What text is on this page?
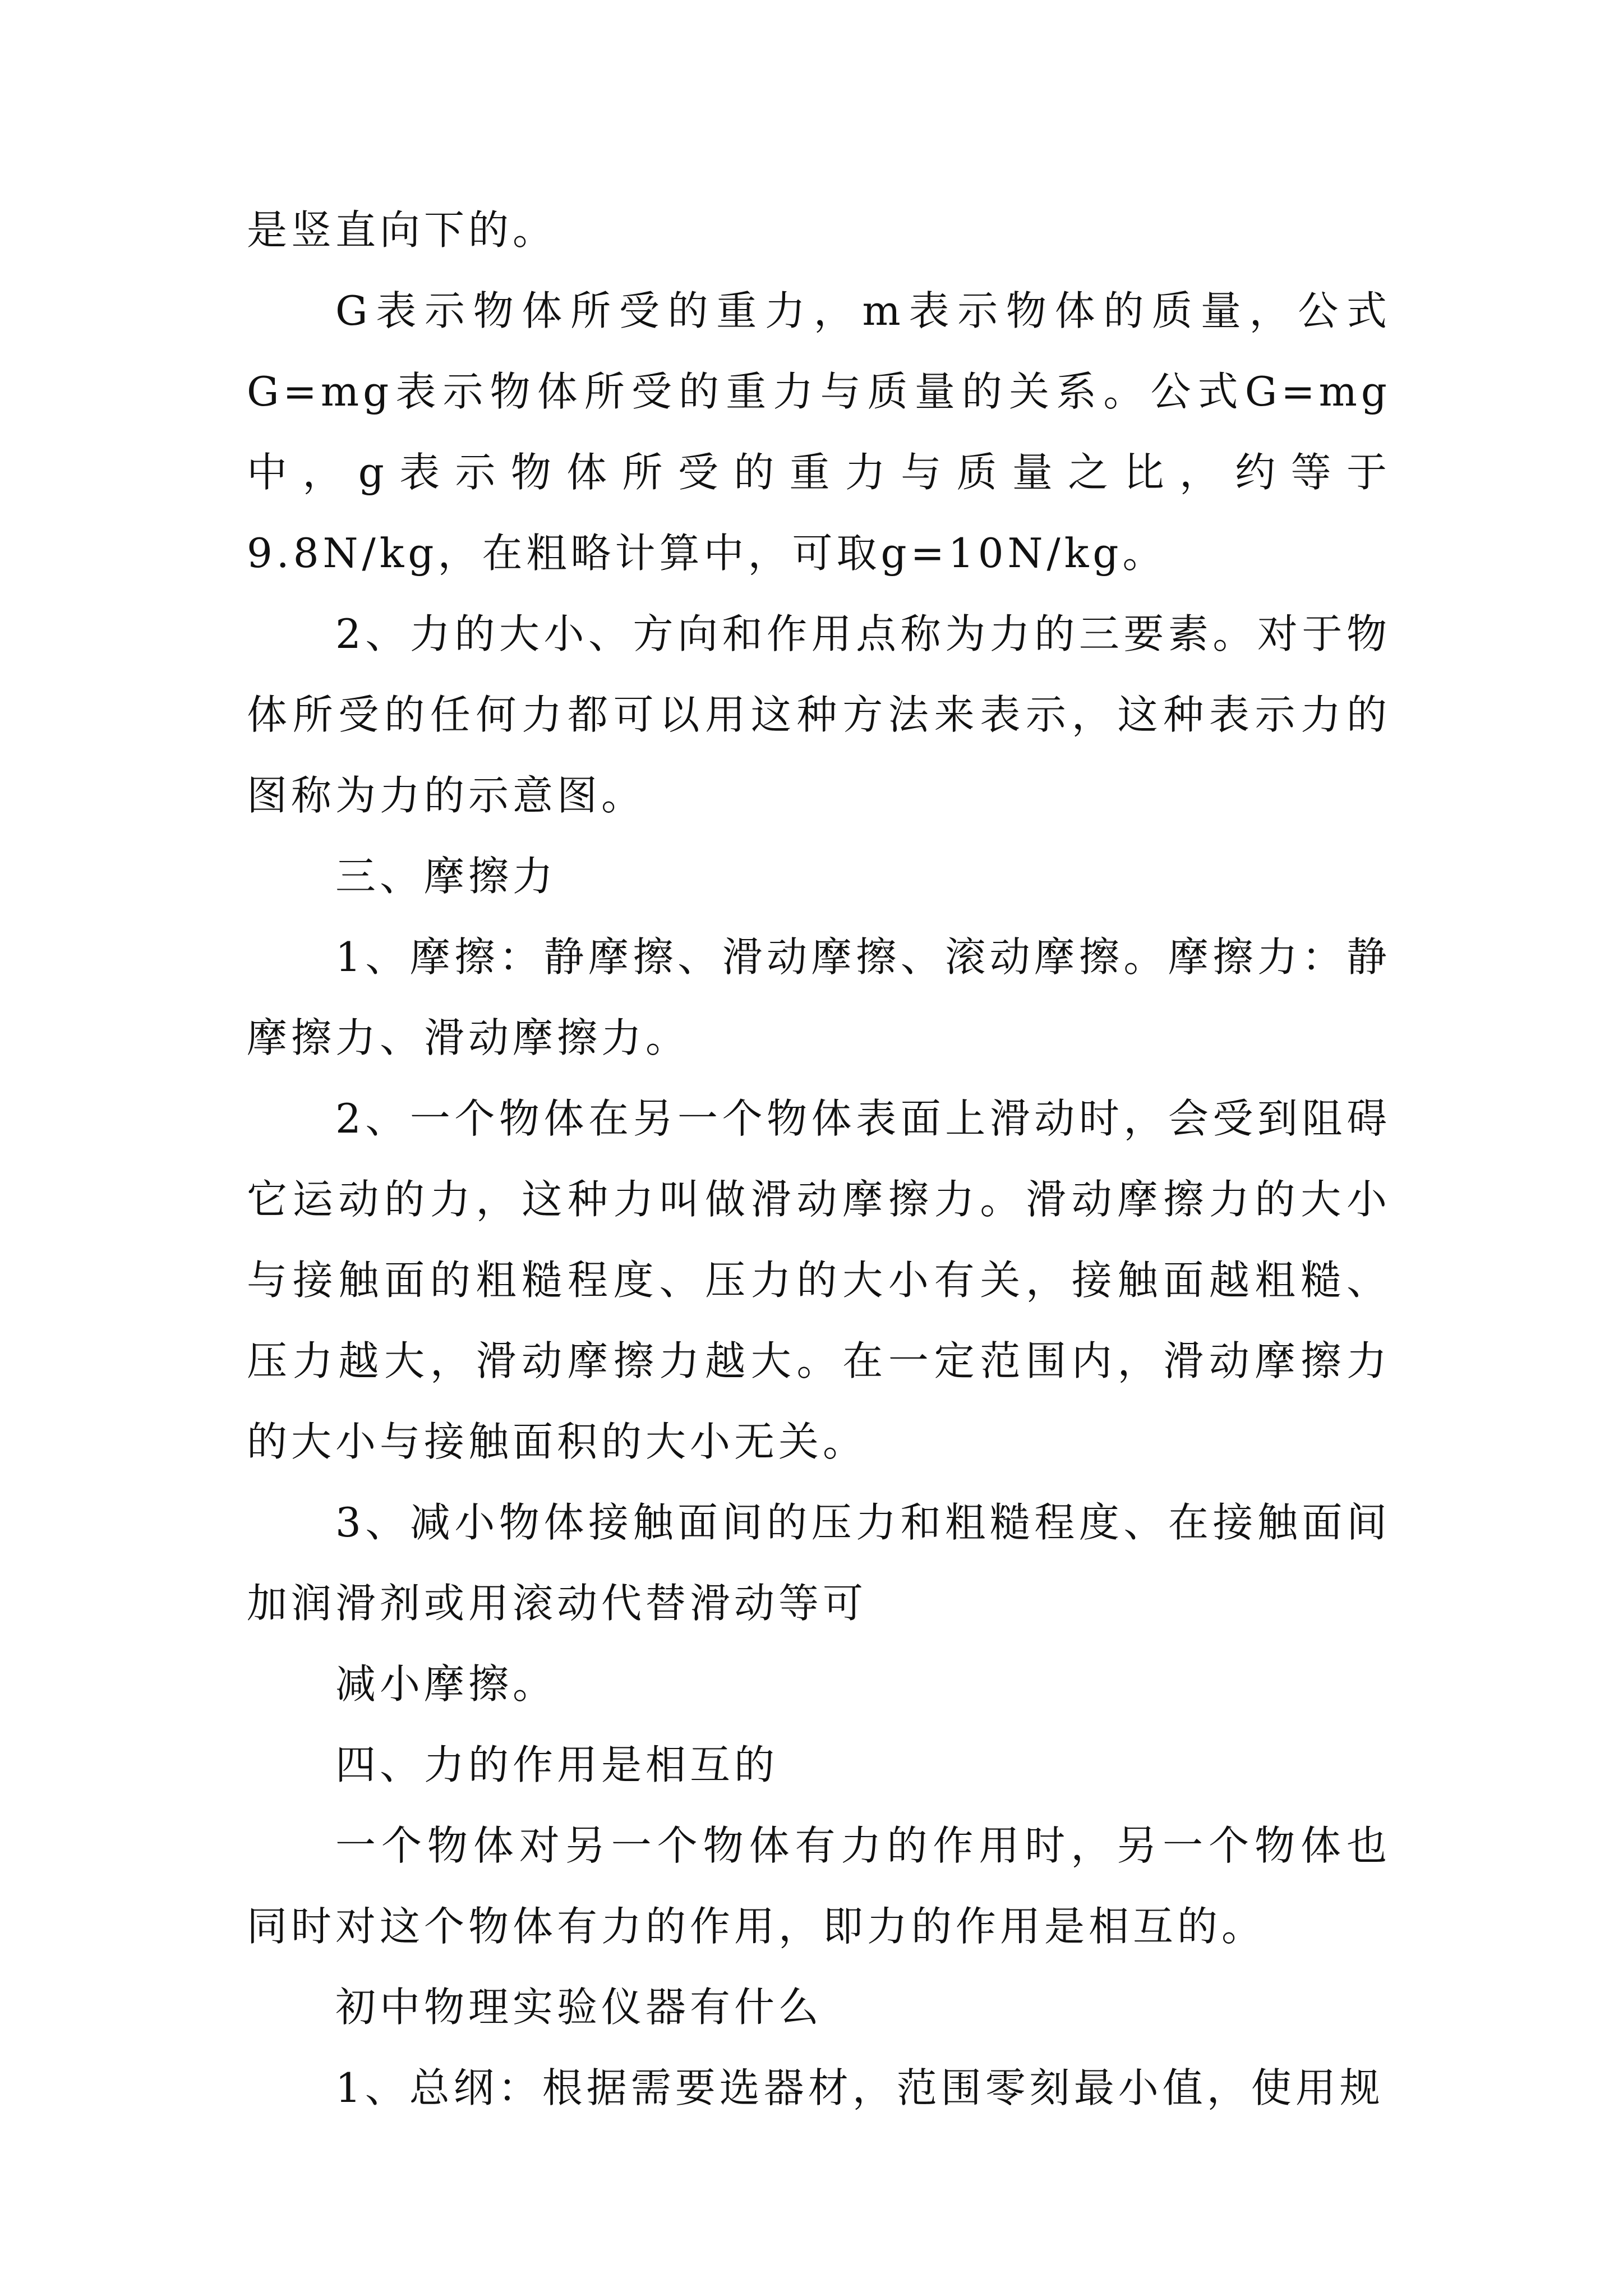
是竖直向下的。

G表示物体所受的重力，m表示物体的质量，公式G=mg表示物体所受的重力与质量的关系。公式G=mg中，g表示物体所受的重力与质量之比，约等于9.8N/kg，在粗略计算中，可取g=10N/kg。

2、力的大小、方向和作用点称为力的三要素。对于物体所受的任何力都可以用这种方法来表示，这种表示力的图称为力的示意图。

三、摩擦力

1、摩擦：静摩擦、滑动摩擦、滚动摩擦。摩擦力：静摩擦力、滑动摩擦力。

2、一个物体在另一个物体表面上滑动时，会受到阻碍它运动的力，这种力叫做滑动摩擦力。滑动摩擦力的大小与接触面的粗糙程度、压力的大小有关，接触面越粗糙、压力越大，滑动摩擦力越大。在一定范围内，滑动摩擦力的大小与接触面积的大小无关。

3、减小物体接触面间的压力和粗糙程度、在接触面间加润滑剂或用滚动代替滑动等可

减小摩擦。

四、力的作用是相互的

一个物体对另一个物体有力的作用时，另一个物体也同时对这个物体有力的作用，即力的作用是相互的。

初中物理实验仪器有什么

1、总纲：根据需要选器材，范围零刻最小值，使用规
